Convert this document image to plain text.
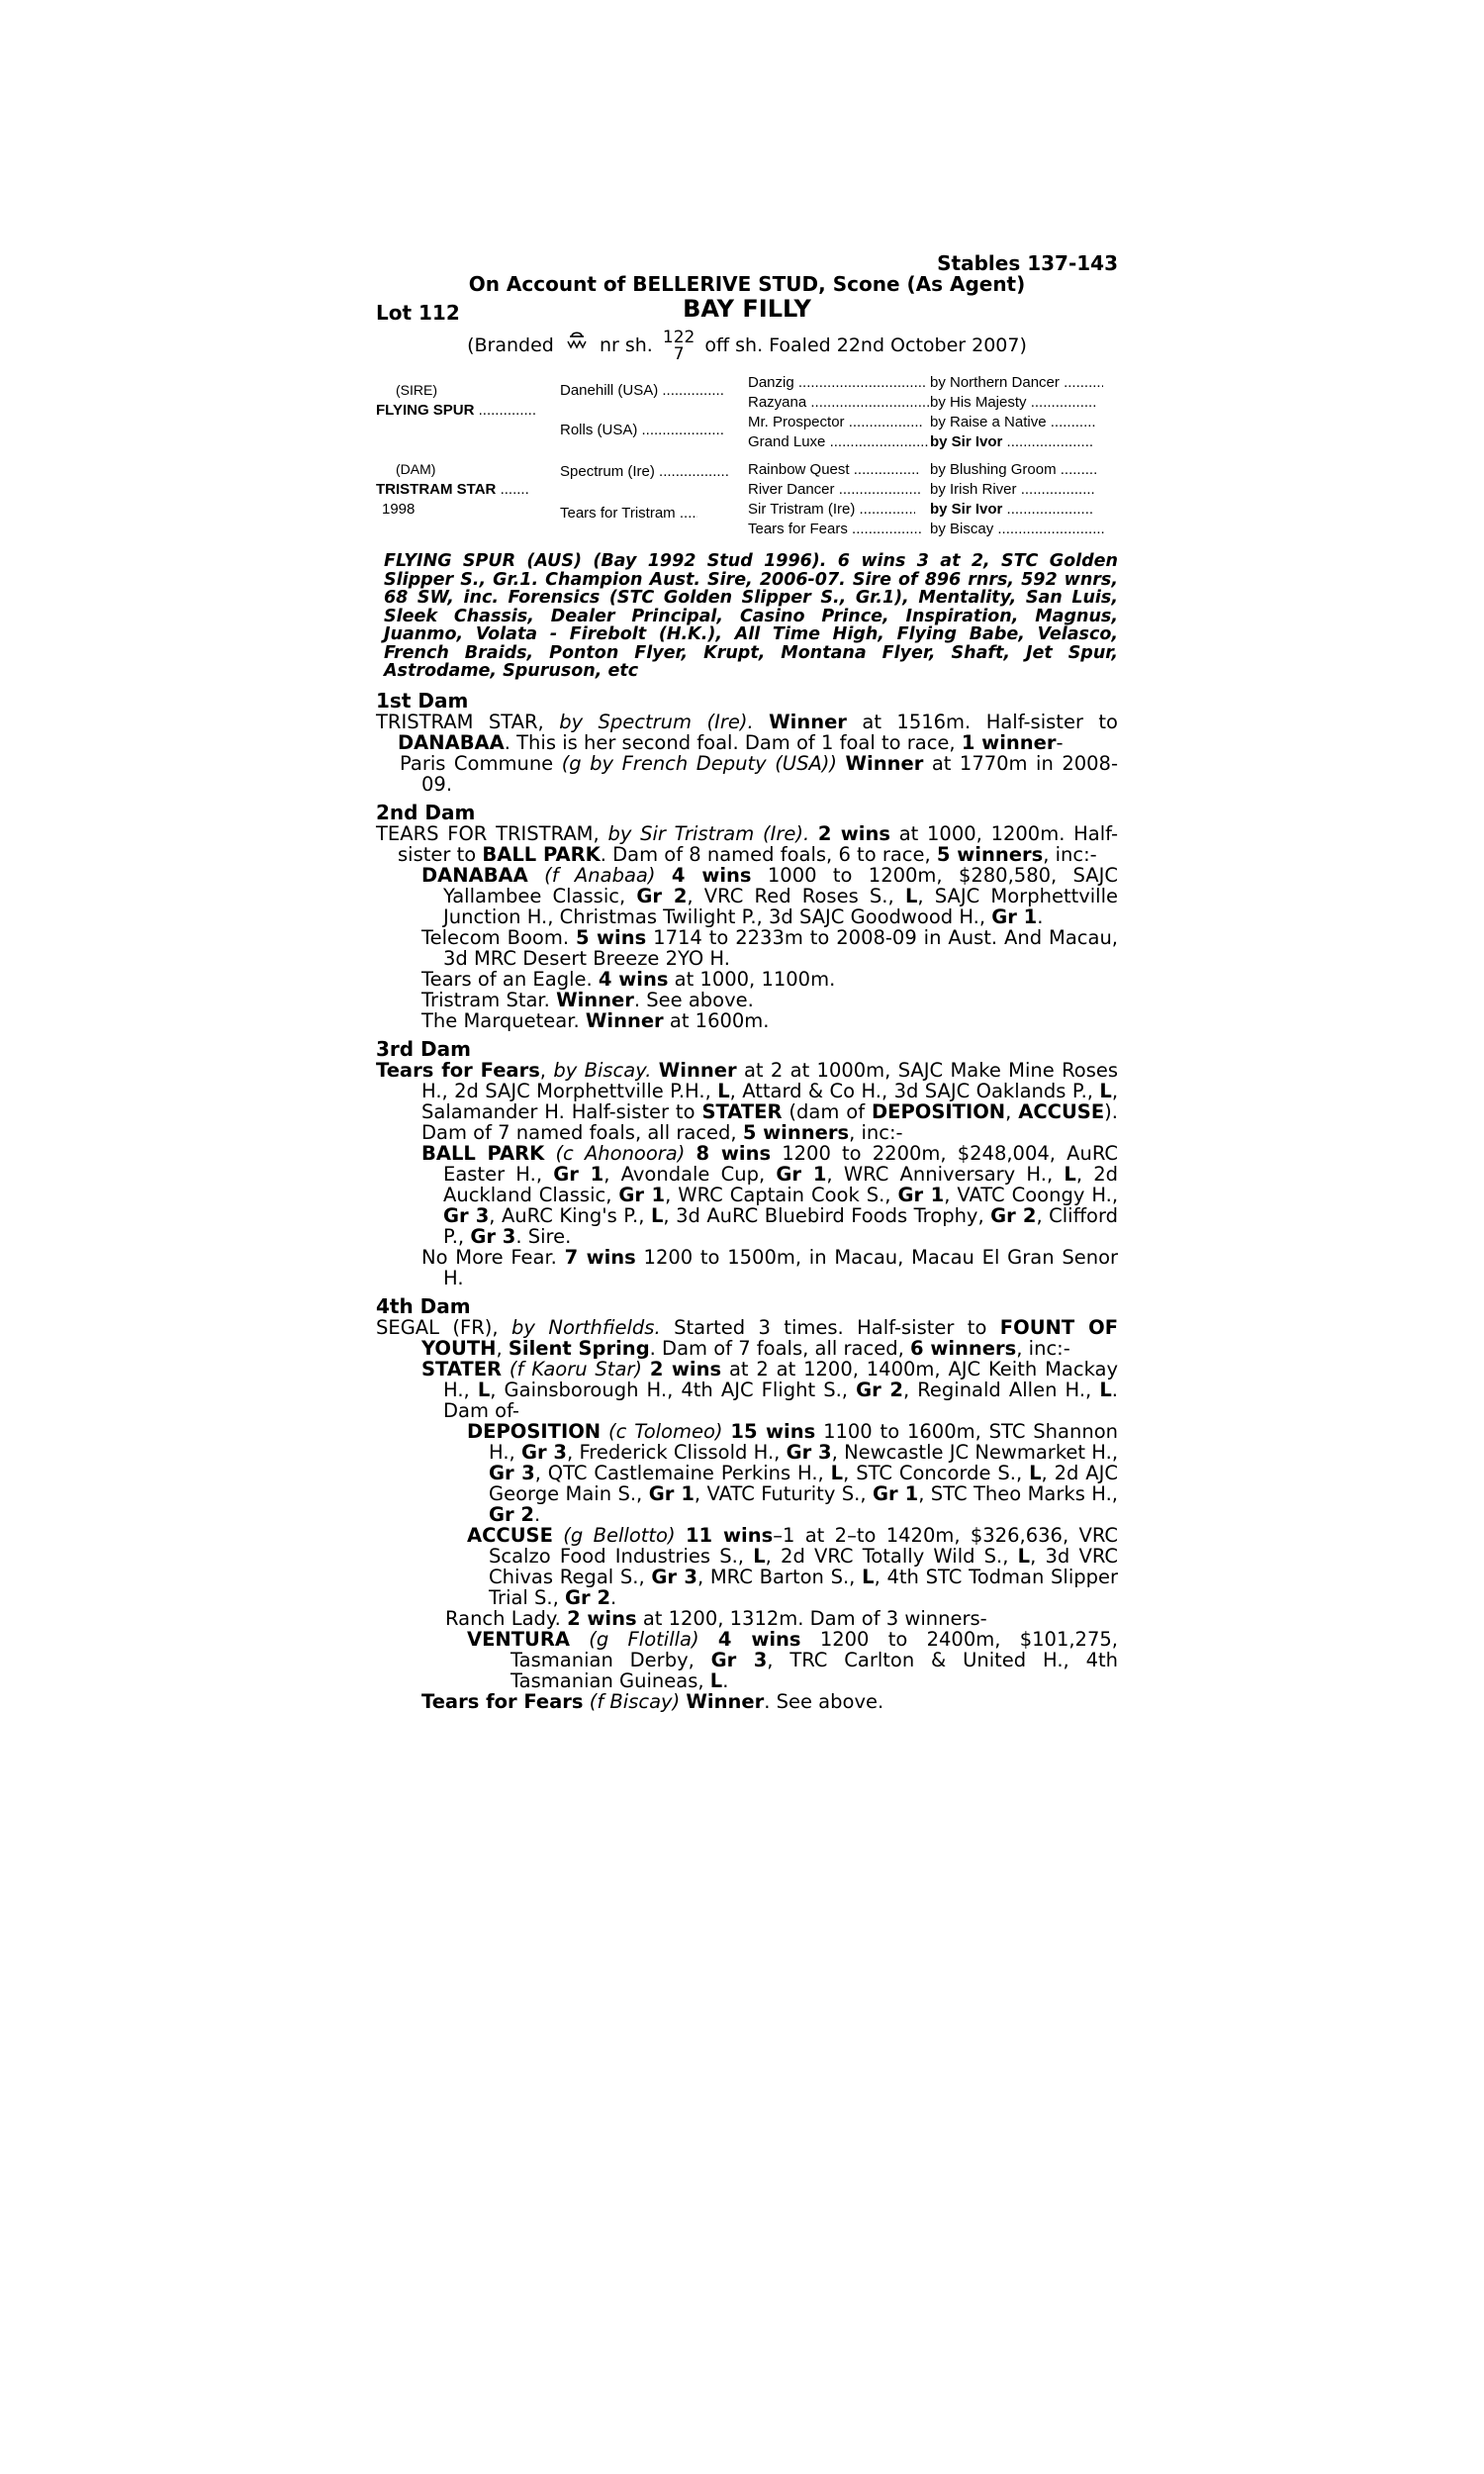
Stables 137-143
On Account of BELLERIVE STUD, Scone (As Agent)
Lot 112	BAY FILLY
(Branded nr sh. 122
7	off sh. Foaled 22nd October 2007)
(SIRE)
FLYING SPUR .....
(DAM)
TRISTRAM STAR .....
1998
Danehill (USA) .....
Rolls (USA) .....
Spectrum (Ire) .....
Tears for Tristram .....
Danzig .....
Razyana .....
Mr. Prospector .....
Grand Luxe .....
Rainbow Quest .....
River Dancer .....
Sir Tristram (Ire) .....
Tears for Fears .....
by Northern Dancer .....
by His Majesty .....
by Raise a Native .....
by Sir Ivor .....
by Blushing Groom .....
by Irish River .....
by Sir Ivor .....
by Biscay .....
FLYING SPUR (AUS) (Bay 1992 Stud 1996). 6 wins 3 at 2, STC Golden Slipper S., Gr.1. Champion Aust. Sire, 2006-07. Sire of 896 rnrs, 592 wnrs, 68 SW, inc. Forensics (STC Golden Slipper S., Gr.1), Mentality, San Luis, Sleek Chassis, Dealer Principal, Casino Prince, Inspiration, Magnus, Juanmo, Volata - Firebolt (H.K.), All Time High, Flying Babe, Velasco, French Braids, Ponton Flyer, Krupt, Montana Flyer, Shaft, Jet Spur, Astrodame, Spuruson, etc
1st Dam
TRISTRAM STAR, by Spectrum (Ire). Winner at 1516m. Half-sister to DANABAA. This is her second foal. Dam of 1 foal to race, 1 winner-
Paris Commune (g by French Deputy (USA)) Winner at 1770m in 2008-09.
2nd Dam
TEARS FOR TRISTRAM, by Sir Tristram (Ire). 2 wins at 1000, 1200m. Half-sister to BALL PARK. Dam of 8 named foals, 6 to race, 5 winners, inc:-
DANABAA (f Anabaa) 4 wins 1000 to 1200m, $280,580, SAJC Yallambee Classic, Gr 2, VRC Red Roses S., L, SAJC Morphettville Junction H., Christmas Twilight P., 3d SAJC Goodwood H., Gr 1.
Telecom Boom. 5 wins 1714 to 2233m to 2008-09 in Aust. And Macau, 3d MRC Desert Breeze 2YO H.
Tears of an Eagle. 4 wins at 1000, 1100m.
Tristram Star. Winner. See above.
The Marquetear. Winner at 1600m.
3rd Dam
Tears for Fears, by Biscay. Winner at 2 at 1000m, SAJC Make Mine Roses H., 2d SAJC Morphettville P.H., L, Attard & Co H., 3d SAJC Oaklands P., L, Salamander H. Half-sister to STATER (dam of DEPOSITION, ACCUSE). Dam of 7 named foals, all raced, 5 winners, inc:-
BALL PARK (c Ahonoora) 8 wins 1200 to 2200m, $248,004, AuRC Easter H., Gr 1, Avondale Cup, Gr 1, WRC Anniversary H., L, 2d Auckland Classic, Gr 1, WRC Captain Cook S., Gr 1, VATC Coongy H., Gr 3, AuRC King's P., L, 3d AuRC Bluebird Foods Trophy, Gr 2, Clifford P., Gr 3. Sire.
No More Fear. 7 wins 1200 to 1500m, in Macau, Macau El Gran Senor H.
4th Dam
SEGAL (FR), by Northfields. Started 3 times. Half-sister to FOUNT OF YOUTH, Silent Spring. Dam of 7 foals, all raced, 6 winners, inc:-
STATER (f Kaoru Star) 2 wins at 2 at 1200, 1400m, AJC Keith Mackay H., L, Gainsborough H., 4th AJC Flight S., Gr 2, Reginald Allen H., L. Dam of-
DEPOSITION (c Tolomeo) 15 wins 1100 to 1600m, STC Shannon H., Gr 3, Frederick Clissold H., Gr 3, Newcastle JC Newmarket H., Gr 3, QTC Castlemaine Perkins H., L, STC Concorde S., L, 2d AJC George Main S., Gr 1, VATC Futurity S., Gr 1, STC Theo Marks H., Gr 2.
ACCUSE (g Bellotto) 11 wins–1 at 2–to 1420m, $326,636, VRC Scalzo Food Industries S., L, 2d VRC Totally Wild S., L, 3d VRC Chivas Regal S., Gr 3, MRC Barton S., L, 4th STC Todman Slipper Trial S., Gr 2.
Ranch Lady. 2 wins at 1200, 1312m. Dam of 3 winners-
VENTURA (g Flotilla) 4 wins 1200 to 2400m, $101,275, Tasmanian Derby, Gr 3, TRC Carlton & United H., 4th Tasmanian Guineas, L.
Tears for Fears (f Biscay) Winner. See above.
